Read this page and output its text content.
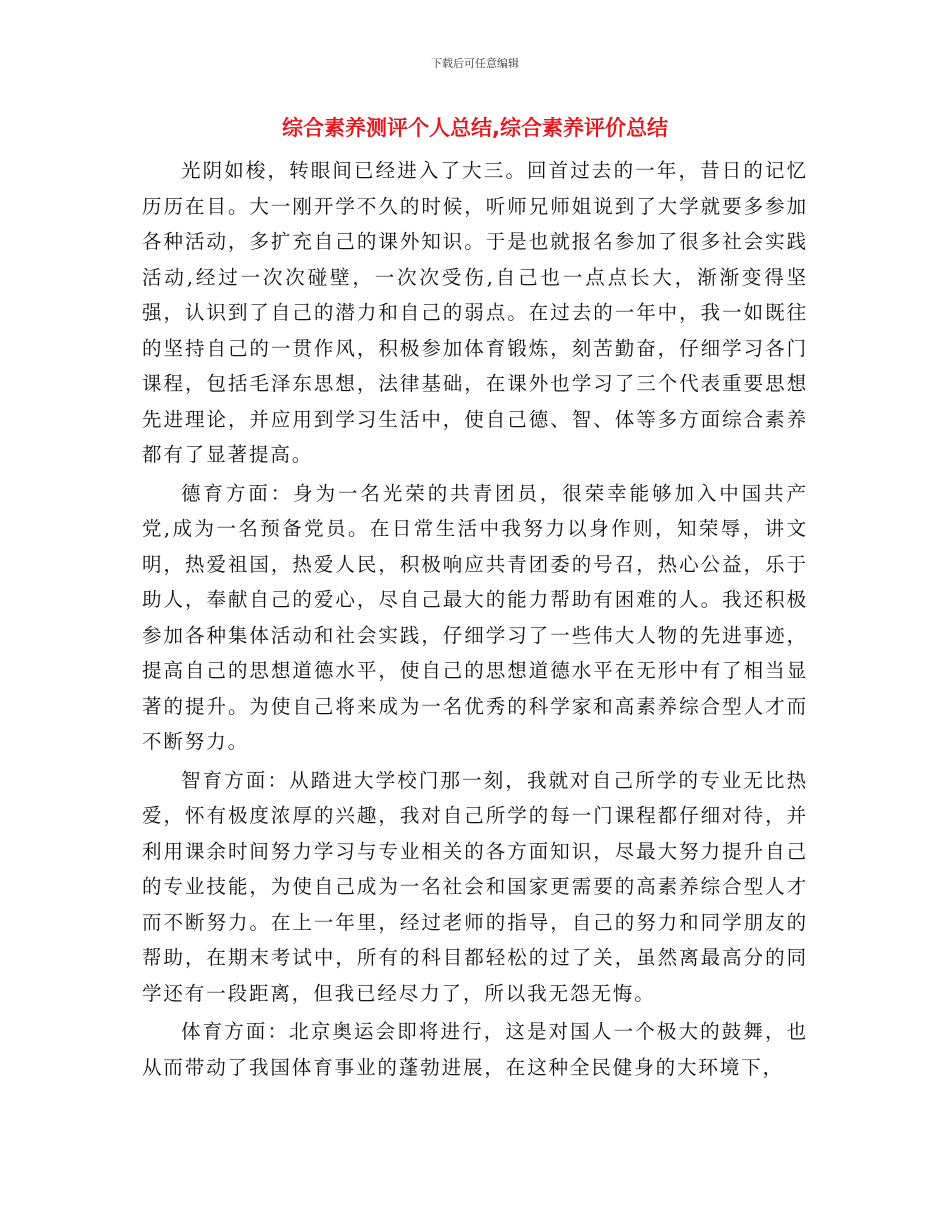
下载后可任意编辑
综合素养测评个人总结,综合素养评价总结

光阴如梭，转眼间已经进入了大三。回首过去的一年，昔日的记忆历历在目。大一刚开学不久的时候，听师兄师姐说到了大学就要多参加各种活动，多扩充自己的课外知识。于是也就报名参加了很多社会实践活动,经过一次次碰壁，一次次受伤,自己也一点点长大，渐渐变得坚强，认识到了自己的潜力和自己的弱点。在过去的一年中，我一如既往的坚持自己的一贯作风，积极参加体育锻炼，刻苦勤奋，仔细学习各门课程，包括毛泽东思想，法律基础，在课外也学习了三个代表重要思想先进理论，并应用到学习生活中，使自己德、智、体等多方面综合素养都有了显著提高。

德育方面：身为一名光荣的共青团员，很荣幸能够加入中国共产党,成为一名预备党员。在日常生活中我努力以身作则，知荣辱，讲文明，热爱祖国，热爱人民，积极响应共青团委的号召，热心公益，乐于助人，奉献自己的爱心，尽自己最大的能力帮助有困难的人。我还积极参加各种集体活动和社会实践，仔细学习了一些伟大人物的先进事迹，提高自己的思想道德水平，使自己的思想道德水平在无形中有了相当显著的提升。为使自己将来成为一名优秀的科学家和高素养综合型人才而不断努力。

智育方面：从踏进大学校门那一刻，我就对自己所学的专业无比热爱，怀有极度浓厚的兴趣，我对自己所学的每一门课程都仔细对待，并利用课余时间努力学习与专业相关的各方面知识，尽最大努力提升自己的专业技能，为使自己成为一名社会和国家更需要的高素养综合型人才而不断努力。在上一年里，经过老师的指导，自己的努力和同学朋友的帮助，在期末考试中，所有的科目都轻松的过了关，虽然离最高分的同学还有一段距离，但我已经尽力了，所以我无怨无悔。

体育方面：北京奥运会即将进行，这是对国人一个极大的鼓舞，也从而带动了我国体育事业的蓬勃进展，在这种全民健身的大环境下，
